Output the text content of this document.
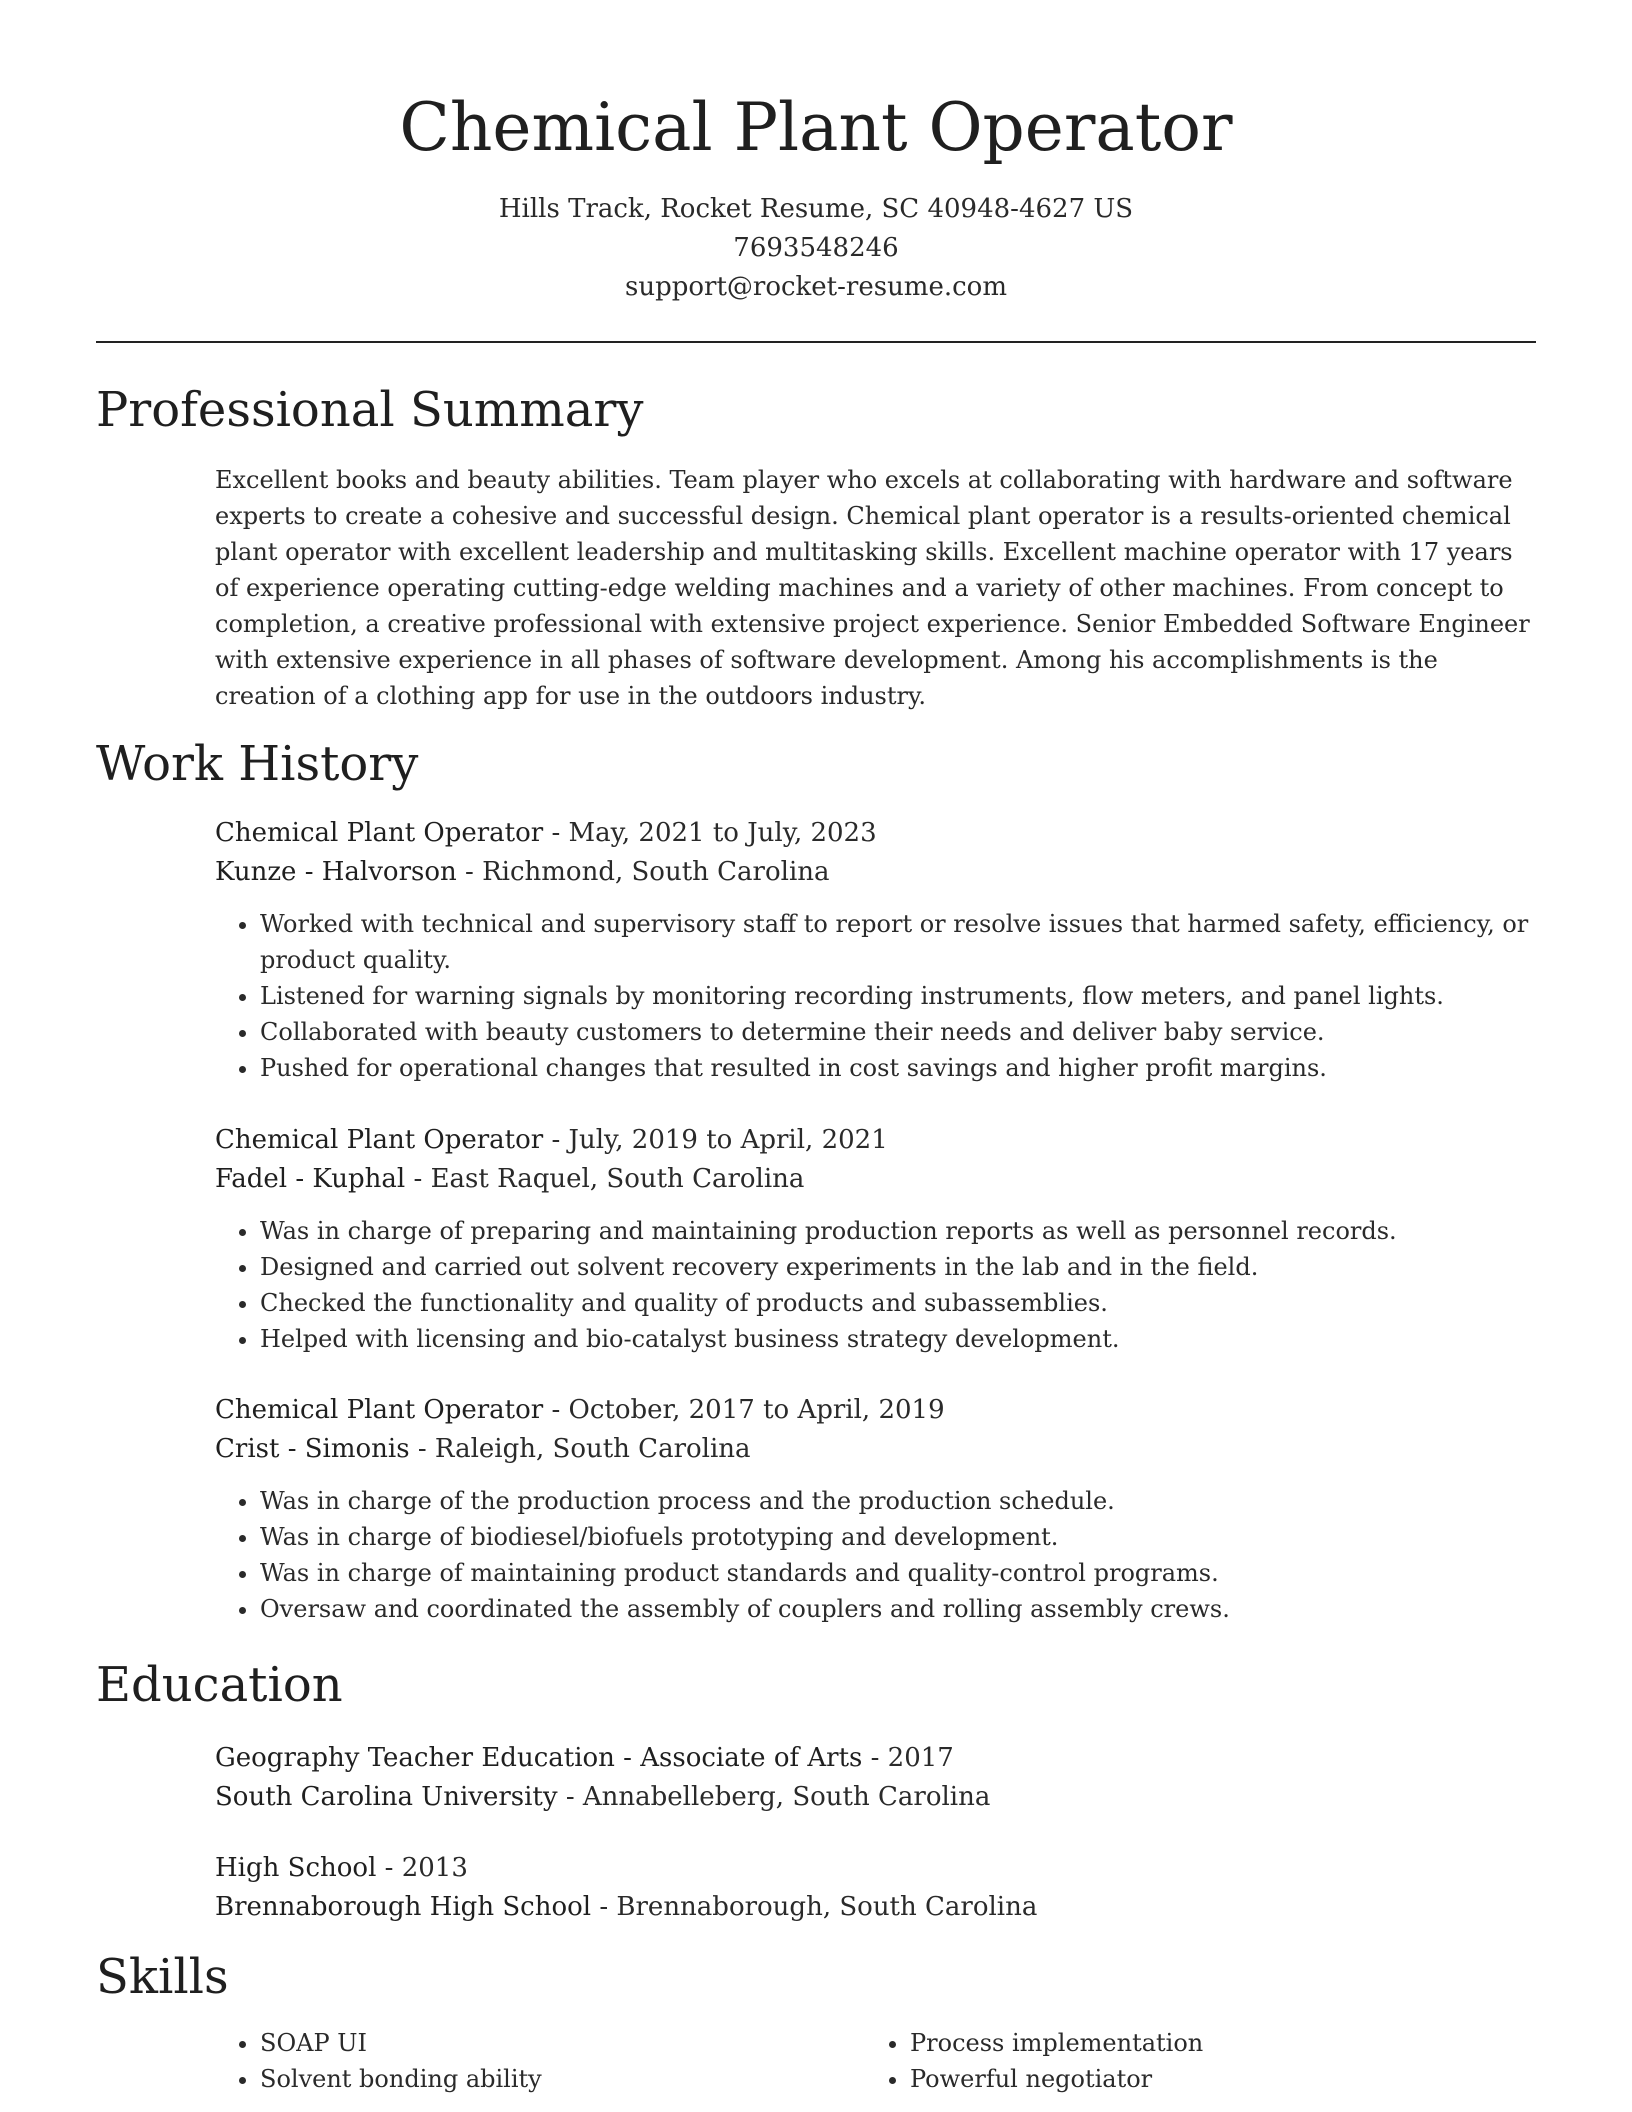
Chemical Plant Operator
Hills Track, Rocket Resume, SC 40948-4627 US
7693548246
support@rocket-resume.com
Professional Summary

Excellent books and beauty abilities. Team player who excels at collaborating with hardware and software experts to create a cohesive and successful design. Chemical plant operator is a results-oriented chemical plant operator with excellent leadership and multitasking skills. Excellent machine operator with 17 years of experience operating cutting-edge welding machines and a variety of other machines. From concept to completion, a creative professional with extensive project experience. Senior Embedded Software Engineer with extensive experience in all phases of software development. Among his accomplishments is the creation of a clothing app for use in the outdoors industry.

Work History
Chemical Plant Operator - May, 2021 to July, 2023
Kunze - Halvorson - Richmond, South Carolina
• Worked with technical and supervisory staff to report or resolve issues that harmed safety, efficiency, or product quality.
• Listened for warning signals by monitoring recording instruments, flow meters, and panel lights.
• Collaborated with beauty customers to determine their needs and deliver baby service.
• Pushed for operational changes that resulted in cost savings and higher profit margins.
Chemical Plant Operator - July, 2019 to April, 2021
Fadel - Kuphal - East Raquel, South Carolina
• Was in charge of preparing and maintaining production reports as well as personnel records.
• Designed and carried out solvent recovery experiments in the lab and in the field.
• Checked the functionality and quality of products and subassemblies.
• Helped with licensing and bio-catalyst business strategy development.
Chemical Plant Operator - October, 2017 to April, 2019
Crist - Simonis - Raleigh, South Carolina
• Was in charge of the production process and the production schedule.
• Was in charge of biodiesel/biofuels prototyping and development.
• Was in charge of maintaining product standards and quality-control programs.
• Oversaw and coordinated the assembly of couplers and rolling assembly crews.
Education
Geography Teacher Education - Associate of Arts - 2017
South Carolina University - Annabelleberg, South Carolina
High School - 2013
Brennaborough High School - Brennaborough, South Carolina
Skills
• SOAP UI
• Solvent bonding ability
• Process implementation
• Powerful negotiator
